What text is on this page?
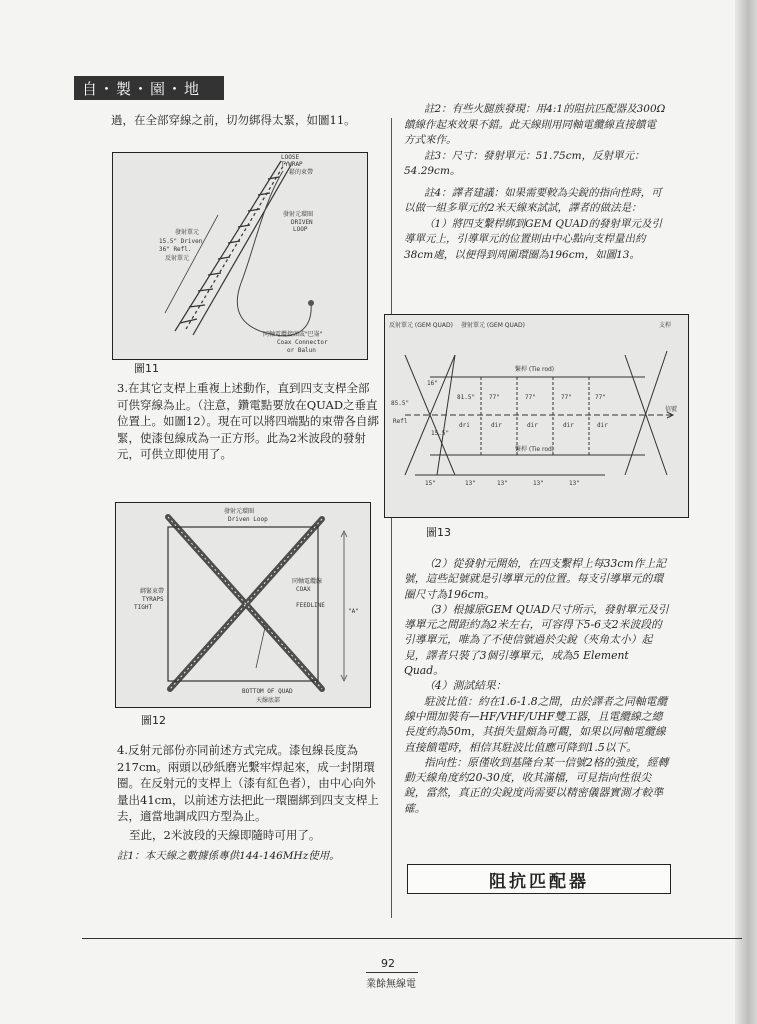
自・製・園・地

過，在全部穿線之前，切勿綁得太緊，如圖11。

LOOSE
TYWRAP
鬆的束帶
發射元環圈
DRIVEN
LOOP
發射單元
15.5" Driven
36" Refl.
反射單元
同軸電纜接頭或"巴崙"
Coax Connector
or Balun
圖11

3.在其它支桿上重複上述動作，直到四支支桿全部可供穿線為止。（注意，鑽電點要放在QUAD之垂直位置上。如圖12）。現在可以將四端點的束帶各自綁緊，使漆包線成為一正方形。此為2米波段的發射元，可供立即使用了。

發射元環圈
Driven Loop
綁緊束帶
TYRAPS
TIGHT
同軸電纜線
COAX
FEEDLINE
"A"
BOTTOM OF QUAD
天線底部
圖12

4.反射元部份亦同前述方式完成。漆包線長度為217cm。兩頭以砂紙磨光繫牢焊起來，成一封閉環圈。在反射元的支桿上（漆有紅色者），由中心向外量出41cm，以前述方法把此一環圈綁到四支支桿上去，適當地調成四方型為止。

至此，2米波段的天線即隨時可用了。

註1：本天線之數據係專供144-146MHz使用。

註2：有些火腿族發現：用4:1的阻抗匹配器及300Ω饋線作起來效果不錯。此天線則用同軸電纜線直接饋電方式來作。

註3：尺寸：發射單元：51.75cm，反射單元：54.29cm。

註4：譯者建議：如果需要較為尖銳的指向性時，可以做一組多單元的2米天線來試試，譯者的做法是：

（1）將四支繫桿綁到GEM QUAD的發射單元及引導單元上，引導單元的位置則由中心點向支桿量出約38cm處，以便得到周圍環圈為196cm，如圖13。

反射單元 (GEM QUAD) 發射單元 (GEM QUAD)	支桿
繫桿 (Tie rod)
繫桿 (Tie rod)
信號
16"
85.5"
Refl
81.5" 77"	77"	77"	77"
15.5"
dri	dir	dir	dir	dir
15"	13"	13"	13"	13"
圖13

（2）從發射元開始，在四支繫桿上每33cm作上記號，這些記號就是引導單元的位置。每支引導單元的環圈尺寸為196cm。

（3）根據原GEM QUAD尺寸所示，發射單元及引導單元之間距約為2米左右，可容得下5-6支2米波段的引導單元，唯為了不使信號過於尖銳（夾角太小）起見，譯者只裝了3個引導單元，成為5 Element Quad。

（4）測試結果：

駐波比值：約在1.6-1.8之間，由於譯者之同軸電纜線中間加裝有—HF/VHF/UHF雙工器，且電纜線之總長度約為50m，其損失量頗為可觀，如果以同軸電纜線直接饋電時，相信其駐波比值應可降到1.5以下。

指向性：原僅收到基隆台某一信號2格的強度，經轉動天線角度約20-30度，收其滿檔，可見指向性很尖銳，當然，真正的尖銳度尚需要以精密儀器實測才較準確。

阻抗匹配器
92
業餘無線電
